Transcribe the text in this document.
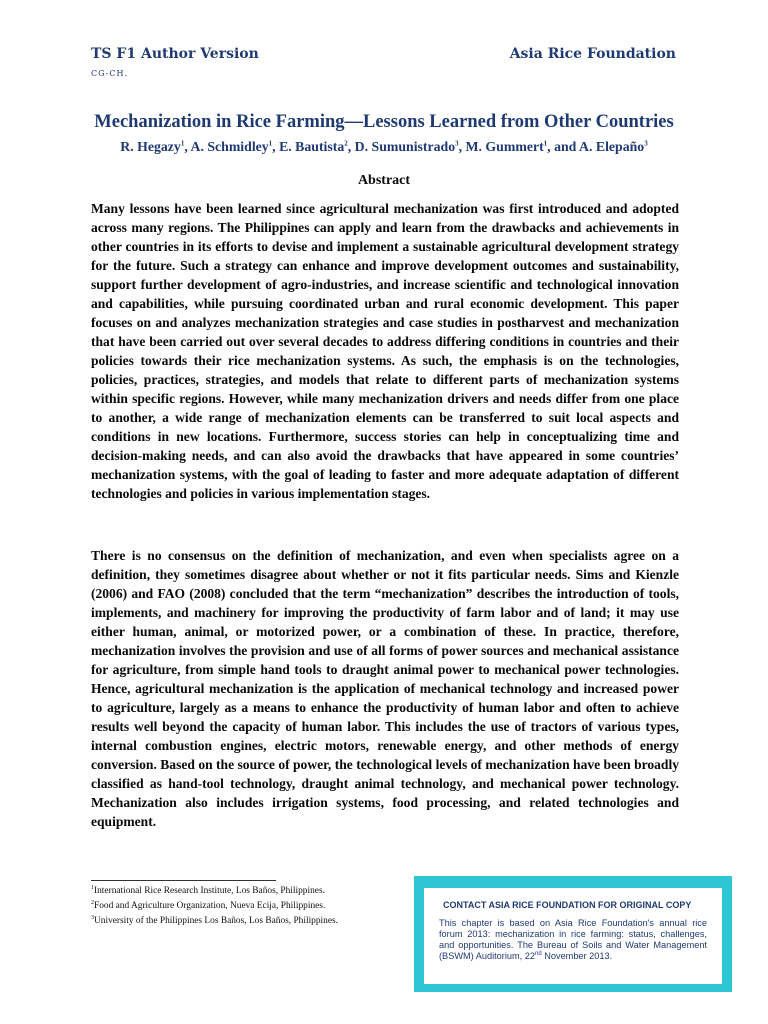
TS F1 Author Version
CG-CH.
Asia Rice Foundation
Mechanization in Rice Farming—Lessons Learned from Other Countries
R. Hegazy$^1$, A. Schmidley$^1$, E. Bautista$^2$, D. Sumunistrado$^3$, M. Gummert$^1$, and A. Elepaño$^3$
Abstract

Many lessons have been learned since agricultural mechanization was first introduced and adopted across many regions. The Philippines can apply and learn from the drawbacks and achievements in other countries in its efforts to devise and implement a sustainable agricultural development strategy for the future. Such a strategy can enhance and improve development outcomes and sustainability, support further development of agro-industries, and increase scientific and technological innovation and capabilities, while pursuing coordinated urban and rural economic development. This paper focuses on and analyzes mechanization strategies and case studies in postharvest and mechanization that have been carried out over several decades to address differing conditions in countries and their policies towards their rice mechanization systems. As such, the emphasis is on the technologies, policies, practices, strategies, and models that relate to different parts of mechanization systems within specific regions. However, while many mechanization drivers and needs differ from one place to another, a wide range of mechanization elements can be transferred to suit local aspects and conditions in new locations. Furthermore, success stories can help in conceptualizing time and decision-making needs, and can also avoid the drawbacks that have appeared in some countries’ mechanization systems, with the goal of leading to faster and more adequate adaptation of different technologies and policies in various implementation stages.

There is no consensus on the definition of mechanization, and even when specialists agree on a definition, they sometimes disagree about whether or not it fits particular needs. Sims and Kienzle (2006) and FAO (2008) concluded that the term “mechanization” describes the introduction of tools, implements, and machinery for improving the productivity of farm labor and of land; it may use either human, animal, or motorized power, or a combination of these. In practice, therefore, mechanization involves the provision and use of all forms of power sources and mechanical assistance for agriculture, from simple hand tools to draught animal power to mechanical power technologies. Hence, agricultural mechanization is the application of mechanical technology and increased power to agriculture, largely as a means to enhance the productivity of human labor and often to achieve results well beyond the capacity of human labor. This includes the use of tractors of various types, internal combustion engines, electric motors, renewable energy, and other methods of energy conversion. Based on the source of power, the technological levels of mechanization have been broadly classified as hand-tool technology, draught animal technology, and mechanical power technology. Mechanization also includes irrigation systems, food processing, and related technologies and equipment.

$^1$International Rice Research Institute, Los Baños, Philippines.
$^2$Food and Agriculture Organization, Nueva Ecija, Philippines.
$^3$University of the Philippines Los Baños, Los Baños, Philippines.
CONTACT ASIA RICE FOUNDATION FOR ORIGINAL COPY
This chapter is based on Asia Rice Foundation's annual rice forum 2013: mechanization in rice farming: status, challenges, and opportunities. The Bureau of Soils and Water Management (BSWM) Auditorium, 22nd November 2013.
